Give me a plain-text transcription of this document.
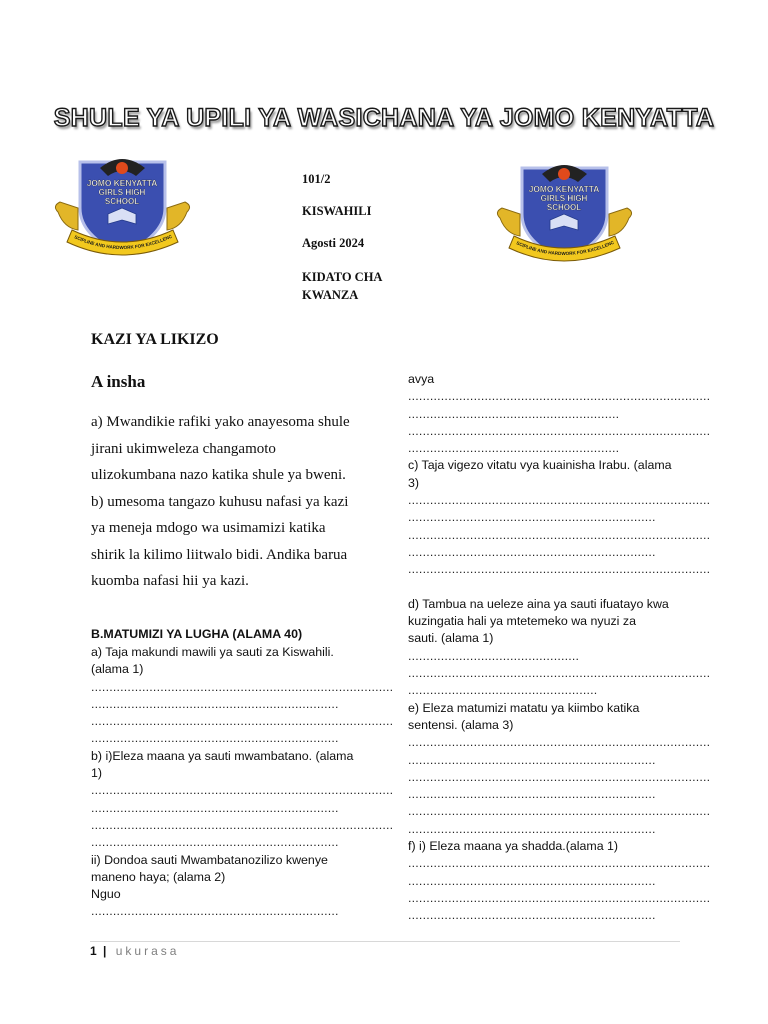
SHULE YA UPILI YA WASICHANA YA JOMO KENYATTA
JOMO KENYATTA
GIRLS HIGH
SCHOOL
SCIPLINE AND HARDWORK FOR EXCELLENC
JOMO KENYATTA
GIRLS HIGH
SCHOOL
SCIPLINE AND HARDWORK FOR EXCELLENC
101/2
KISWAHILI
Agosti 2024
KIDATO CHA
KWANZA
KAZI YA LIKIZO
A insha
a) Mwandikie rafiki yako anayesoma shule
jirani ukimweleza changamoto
ulizokumbana nazo katika shule ya bweni.
b) umesoma tangazo kuhusu nafasi ya kazi
ya meneja mdogo wa usimamizi katika
shirik la kilimo liitwalo bidi. Andika barua
kuomba nafasi hii ya kazi.
B.MATUMIZI YA LUGHA (ALAMA 40)
a) Taja makundi mawili ya sauti za Kiswahili.
(alama 1)
...................................................................................
....................................................................
...................................................................................
....................................................................
b) i)Eleza maana ya sauti mwambatano. (alama
1)
...................................................................................
....................................................................
...................................................................................
....................................................................
ii) Dondoa sauti Mwambatanozilizo kwenye
maneno haya; (alama 2)
Nguo
....................................................................
avya
...................................................................................
..........................................................
...................................................................................
..........................................................
c) Taja vigezo vitatu vya kuainisha Irabu. (alama
3)
...................................................................................
....................................................................
...................................................................................
....................................................................
...................................................................................
d) Tambua na ueleze aina ya sauti ifuatayo kwa
kuzingatia hali ya mtetemeko wa nyuzi za
sauti. (alama 1)
...............................................
...................................................................................
....................................................
e) Eleza matumizi matatu ya kiimbo katika
sentensi. (alama 3)
...................................................................................
....................................................................
...................................................................................
....................................................................
...................................................................................
....................................................................
f) i) Eleza maana ya shadda.(alama 1)
...................................................................................
....................................................................
...................................................................................
....................................................................
1 | ukurasa
